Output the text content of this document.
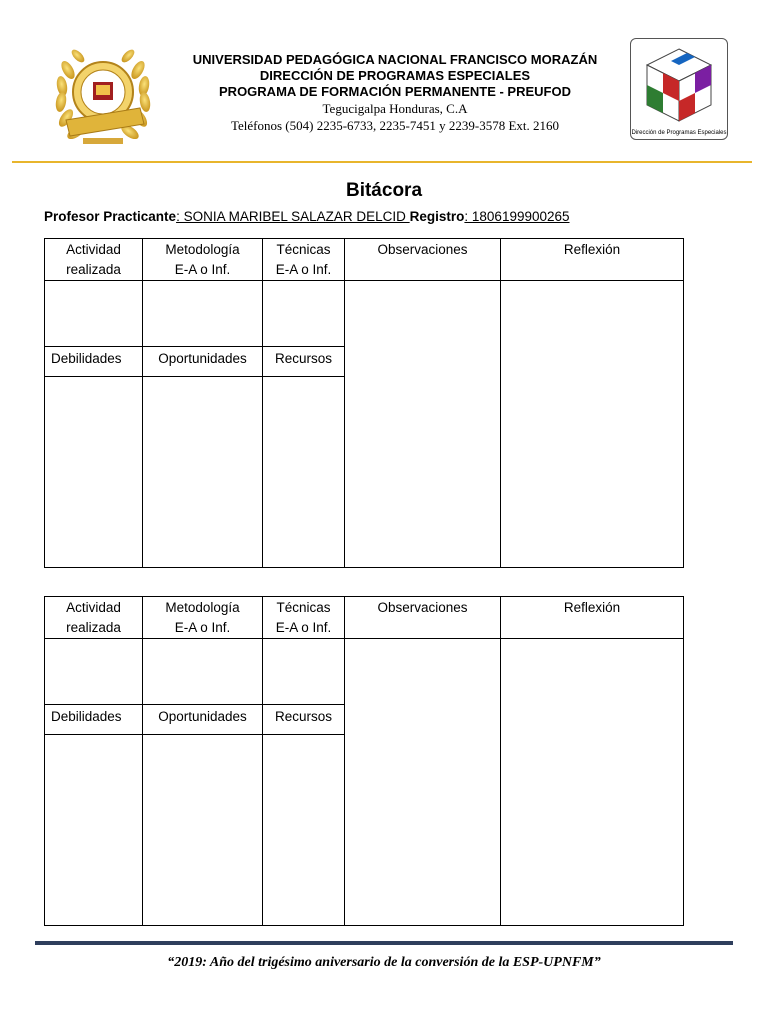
UNIVERSIDAD PEDAGÓGICA NACIONAL FRANCISCO MORAZÁN
DIRECCIÓN DE PROGRAMAS ESPECIALES
PROGRAMA DE FORMACIÓN PERMANENTE - PREUFOD
Tegucigalpa Honduras, C.A
Teléfonos (504) 2235-6733, 2235-7451 y 2239-3578 Ext. 2160	Dirección de Programas Especiales
Bitácora
Profesor Practicante: SONIA MARIBEL SALAZAR DELCID Registro: 1806199900265
Actividad
realizada	Metodología
E-A o Inf.	Técnicas
E-A o Inf.	Observaciones	Reflexión

Debilidades	Oportunidades	Recursos		

Actividad
realizada	Metodología
E-A o Inf.	Técnicas
E-A o Inf.	Observaciones	Reflexión

Debilidades	Oportunidades	Recursos		

“2019: Año del trigésimo aniversario de la conversión de la ESP-UPNFM”
